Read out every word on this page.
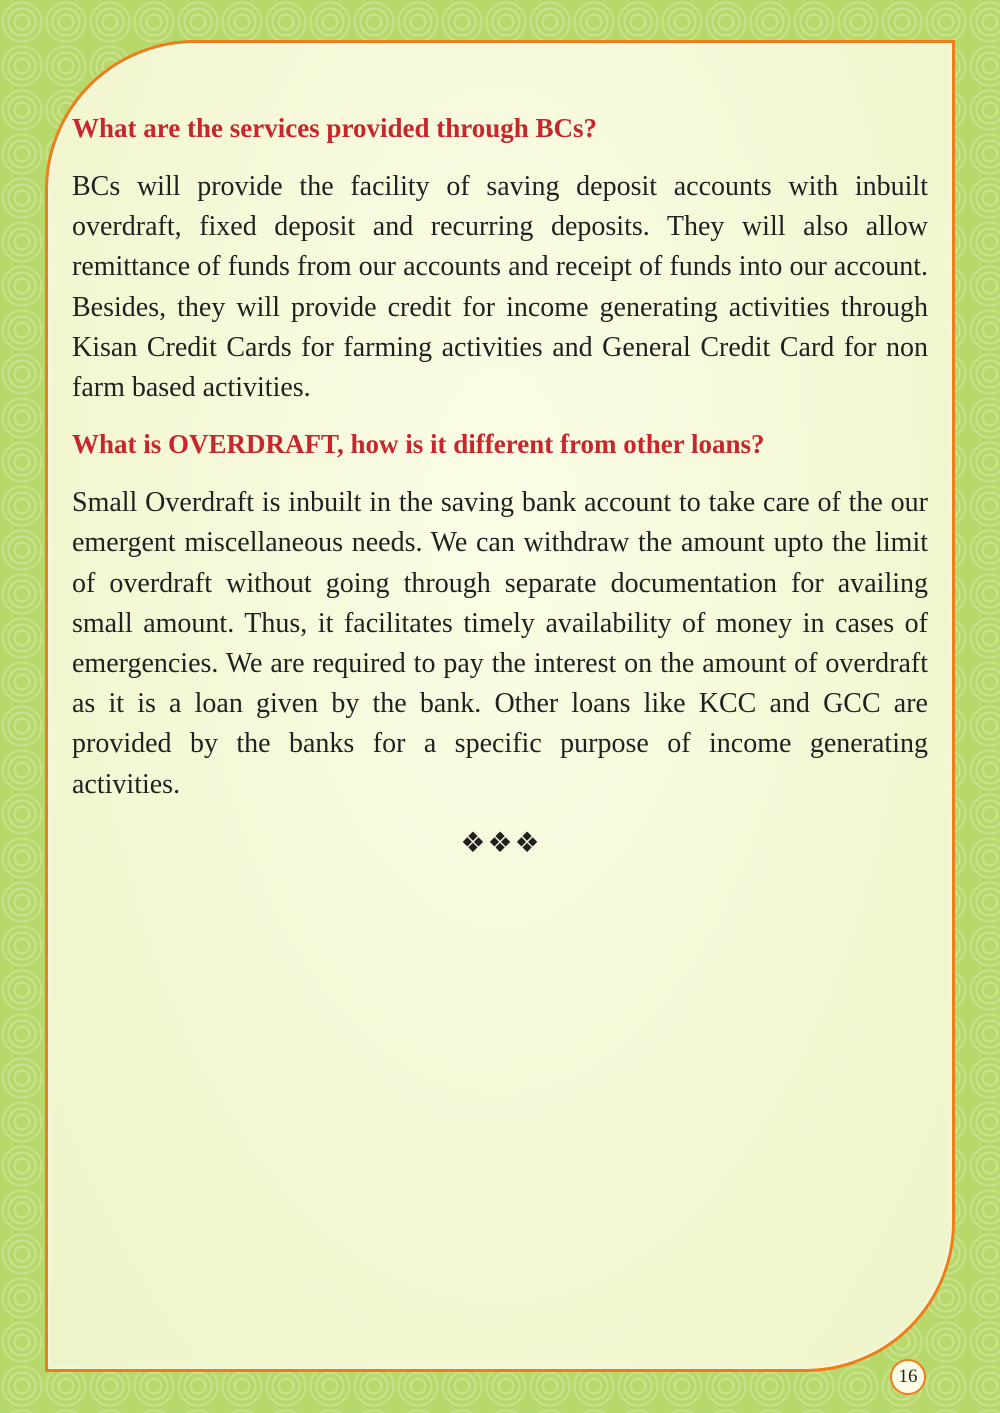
What are the services provided through BCs?

BCs will provide the facility of saving deposit accounts with inbuilt overdraft, fixed deposit and recurring deposits. They will also allow remittance of funds from our accounts and receipt of funds into our account. Besides, they will provide credit for income generating activities through Kisan Credit Cards for farming activities and General Credit Card for non farm based activities.

What is OVERDRAFT, how is it different from other loans?

Small Overdraft is inbuilt in the saving bank account to take care of the our emergent miscellaneous needs. We can withdraw the amount upto the limit of overdraft without going through separate documentation for availing small amount. Thus, it facilitates timely availability of money in cases of emergencies. We are required to pay the interest on the amount of overdraft as it is a loan given by the bank. Other loans like KCC and GCC are provided by the banks for a specific purpose of income generating activities.

❖❖❖
16
